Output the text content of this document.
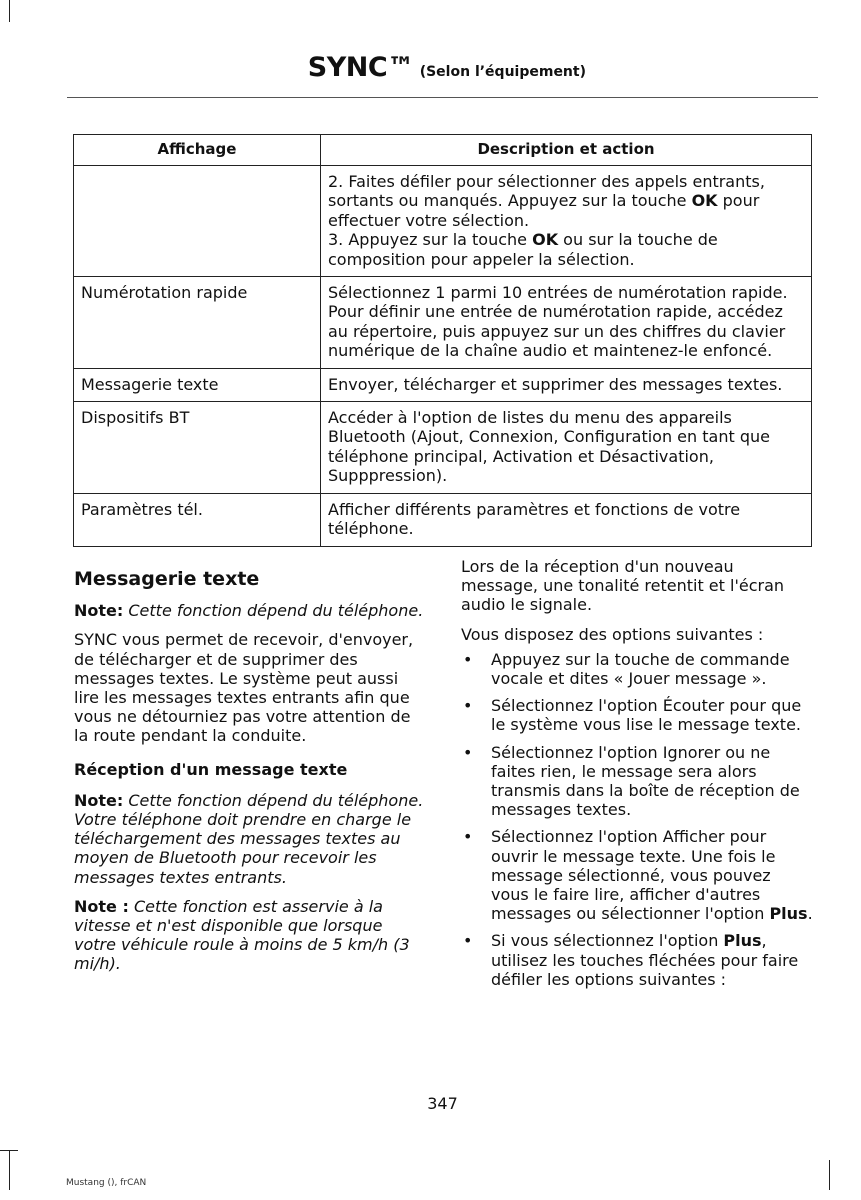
SYNC™ (Selon l’équipement)
Affichage	Description et action
	2. Faites défiler pour sélectionner des appels entrants, sortants ou manqués. Appuyez sur la touche OK pour effectuer votre sélection.
3. Appuyez sur la touche OK ou sur la touche de composition pour appeler la sélection.
Numérotation rapide	Sélectionnez 1 parmi 10 entrées de numérotation rapide. Pour définir une entrée de numérotation rapide, accédez au répertoire, puis appuyez sur un des chiffres du clavier numérique de la chaîne audio et maintenez-le enfoncé.
Messagerie texte	Envoyer, télécharger et supprimer des messages textes.
Dispositifs BT	Accéder à l'option de listes du menu des appareils Bluetooth (Ajout, Connexion, Configuration en tant que téléphone principal, Activation et Désactivation, Supppression).
Paramètres tél.	Afficher différents paramètres et fonctions de votre téléphone.

Messagerie texte

Note: Cette fonction dépend du téléphone.

SYNC vous permet de recevoir, d'envoyer, de télécharger et de supprimer des messages textes. Le système peut aussi lire les messages textes entrants afin que vous ne détourniez pas votre attention de la route pendant la conduite.

Réception d'un message texte

Note: Cette fonction dépend du téléphone. Votre téléphone doit prendre en charge le téléchargement des messages textes au moyen de Bluetooth pour recevoir les messages textes entrants.

Note : Cette fonction est asservie à la vitesse et n'est disponible que lorsque votre véhicule roule à moins de 5 km/h (3 mi/h).

Lors de la réception d'un nouveau message, une tonalité retentit et l'écran audio le signale.

Vous disposez des options suivantes :

• Appuyez sur la touche de commande vocale et dites « Jouer message ».
• Sélectionnez l'option Écouter pour que le système vous lise le message texte.
• Sélectionnez l'option Ignorer ou ne faites rien, le message sera alors transmis dans la boîte de réception de messages textes.
• Sélectionnez l'option Afficher pour ouvrir le message texte. Une fois le message sélectionné, vous pouvez vous le faire lire, afficher d'autres messages ou sélectionner l'option Plus.
• Si vous sélectionnez l'option Plus, utilisez les touches fléchées pour faire défiler les options suivantes :
347
Mustang (), frCAN
